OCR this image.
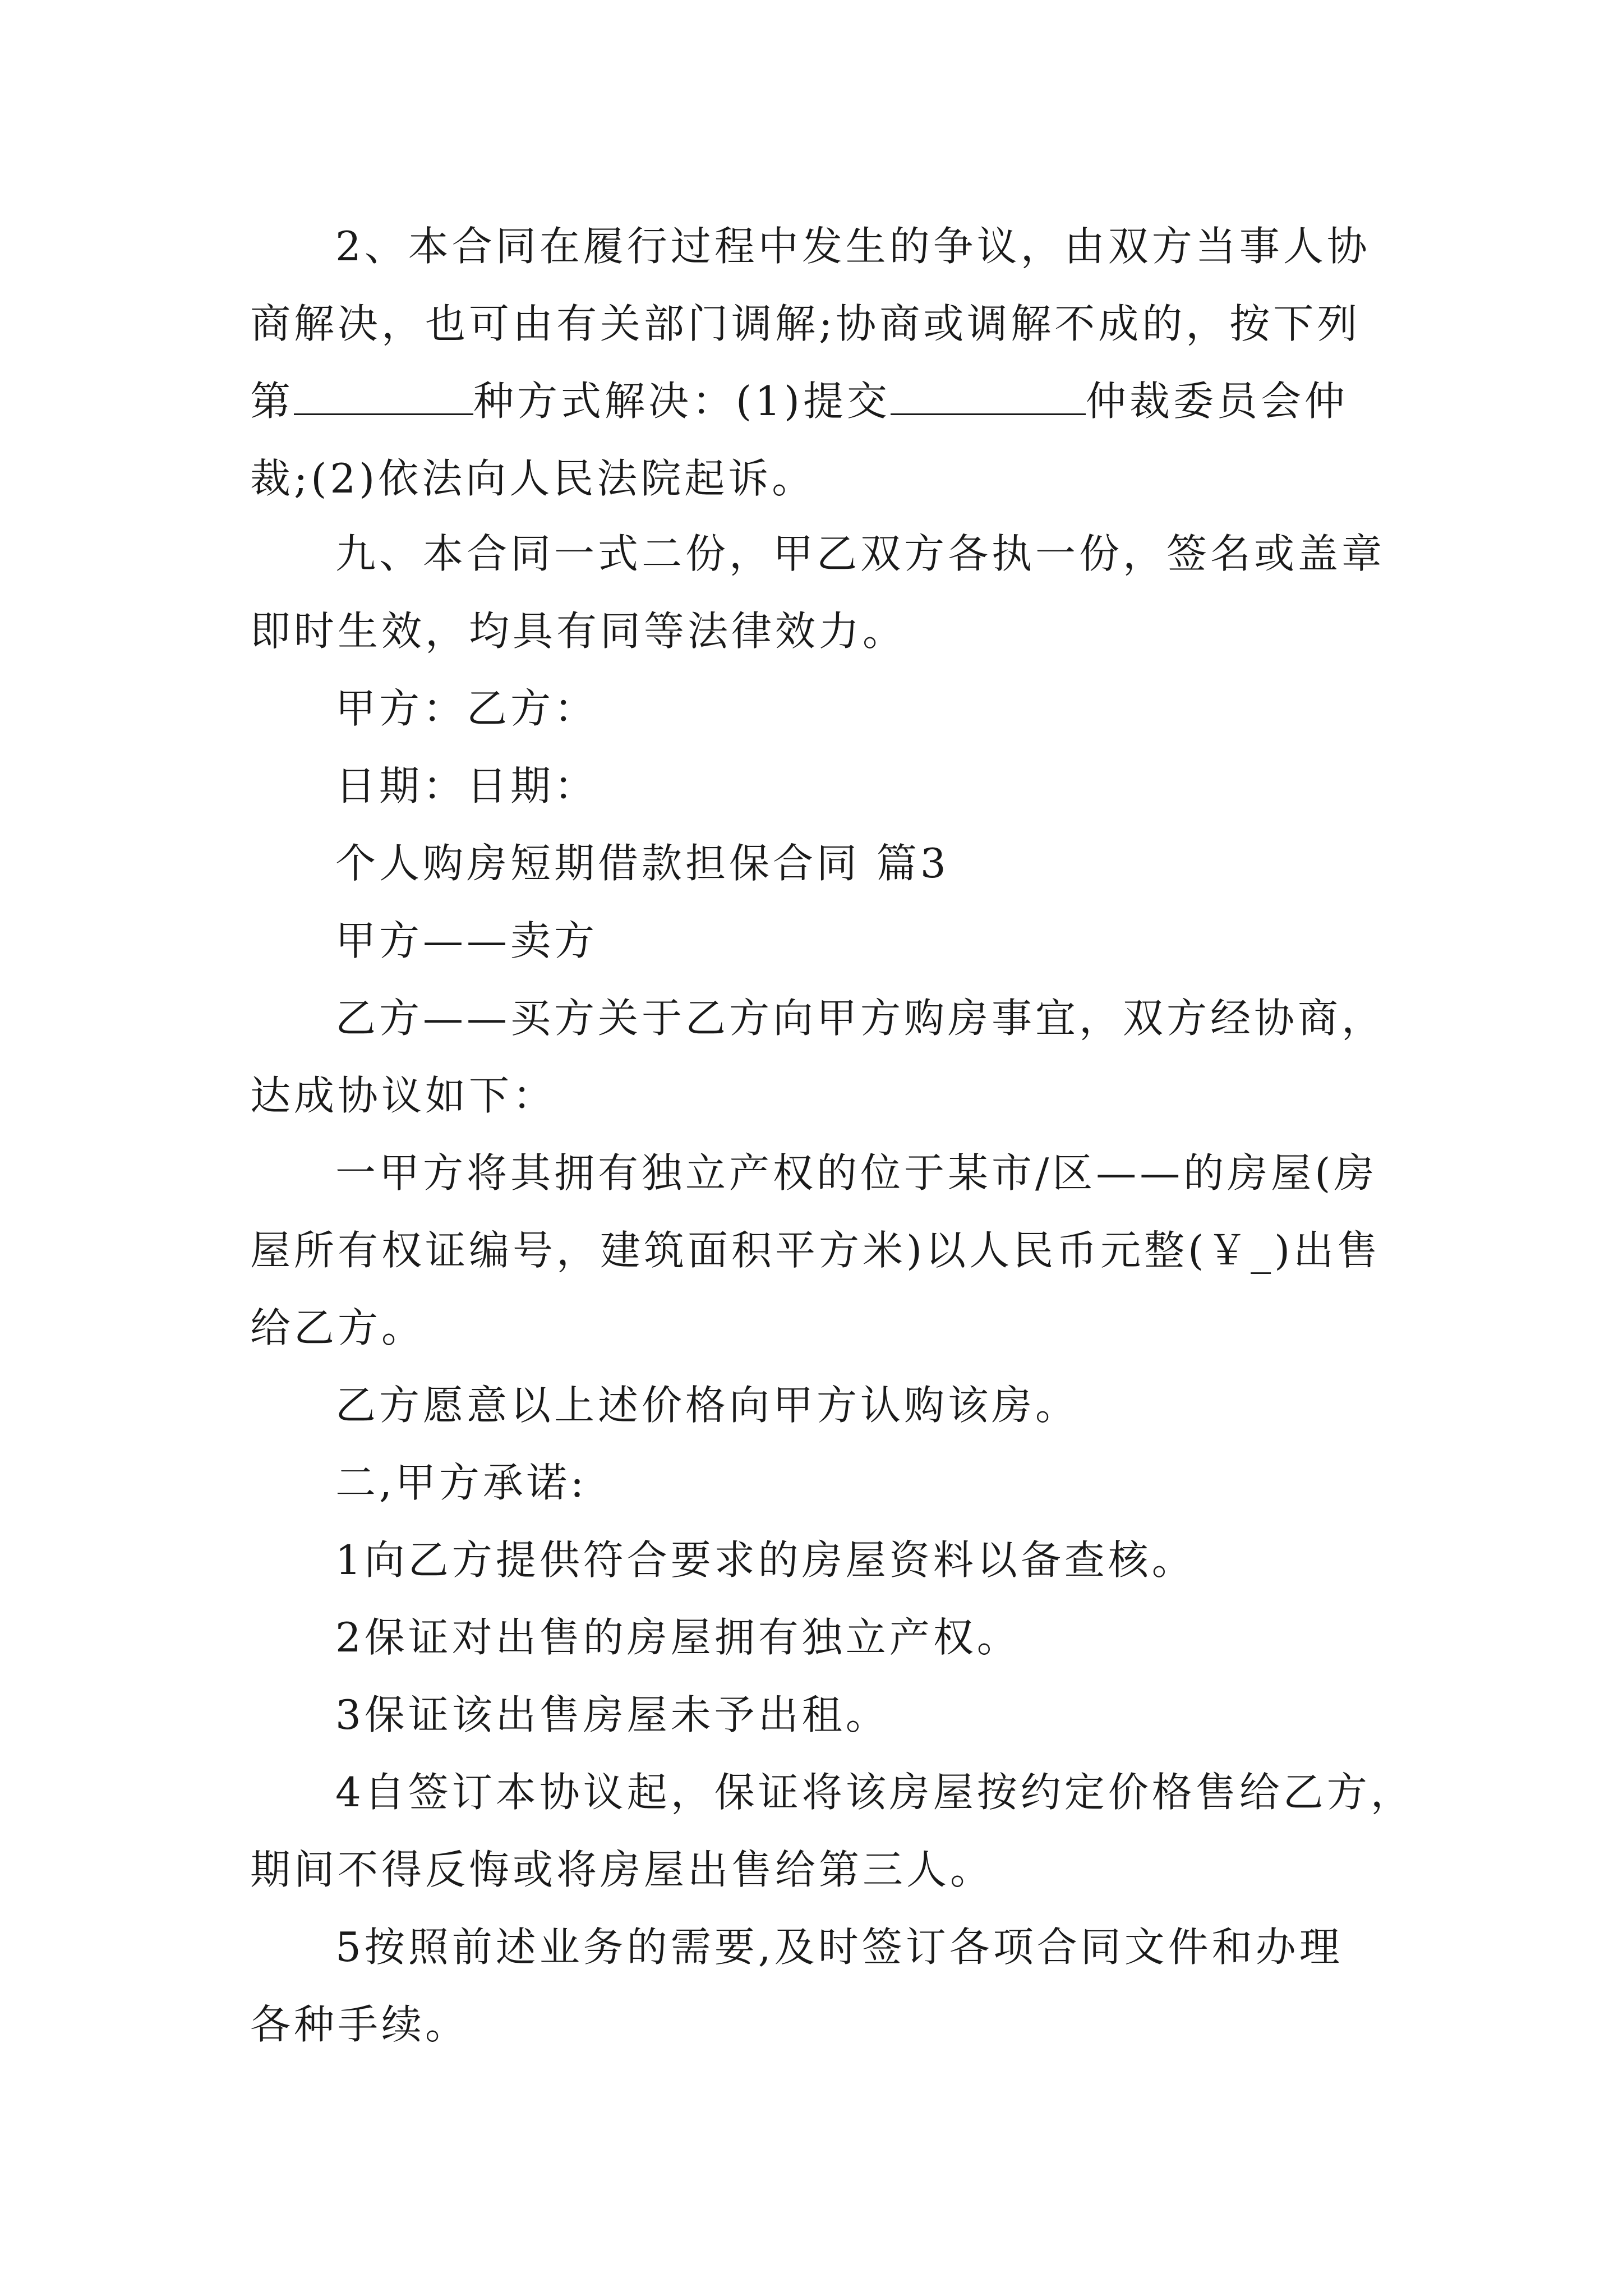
2、本合同在履行过程中发生的争议，由双方当事人协
商解决，也可由有关部门调解;协商或调解不成的，按下列
第	种方式解决：(1)提交	仲裁委员会仲
裁;(2)依法向人民法院起诉。

九、本合同一式二份，甲乙双方各执一份，签名或盖章
即时生效，均具有同等法律效力。

甲方：乙方：

日期：日期：

个人购房短期借款担保合同 篇3

甲方——卖方

乙方——买方关于乙方向甲方购房事宜，双方经协商，
达成协议如下：

一甲方将其拥有独立产权的位于某市/区——的房屋(房
屋所有权证编号，建筑面积平方米)以人民币元整(￥_)出售
给乙方。

乙方愿意以上述价格向甲方认购该房。

二,甲方承诺:

1向乙方提供符合要求的房屋资料以备查核。

2保证对出售的房屋拥有独立产权。

3保证该出售房屋未予出租。

4自签订本协议起，保证将该房屋按约定价格售给乙方，
期间不得反悔或将房屋出售给第三人。

5按照前述业务的需要,及时签订各项合同文件和办理
各种手续。
